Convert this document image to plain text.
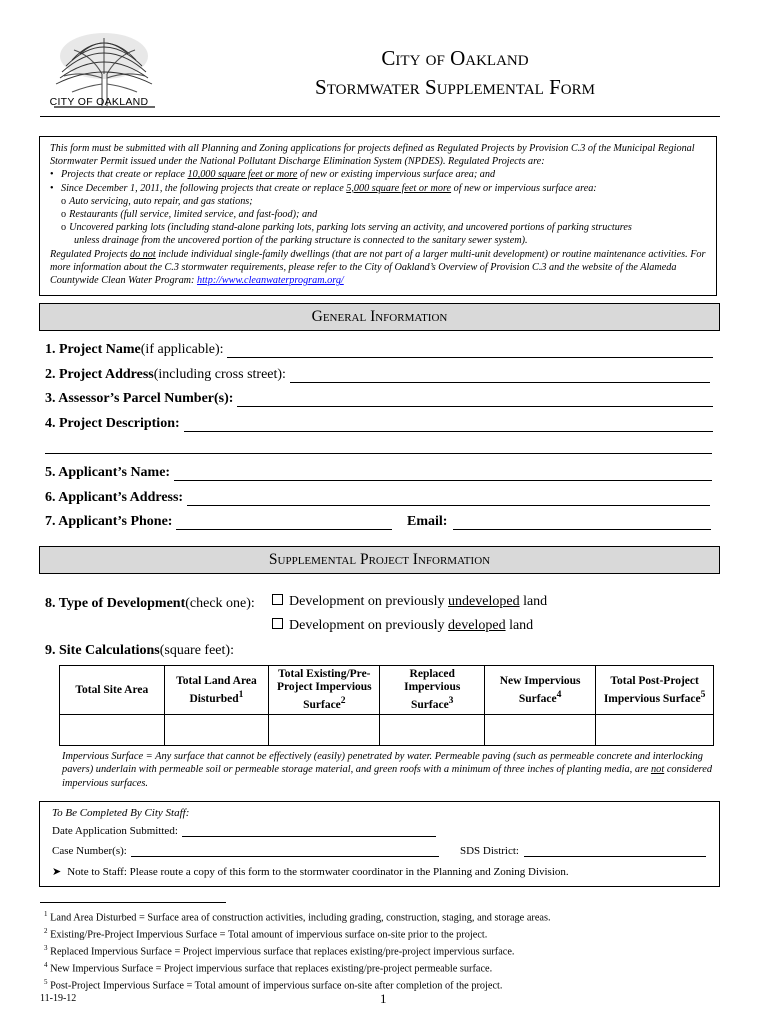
CITY OF OAKLAND
City of Oakland
Stormwater Supplemental Form

This form must be submitted with all Planning and Zoning applications for projects defined as Regulated Projects by Provision C.3 of the Municipal Regional Stormwater Permit issued under the National Pollutant Discharge Elimination System (NPDES). Regulated Projects are:

• Projects that create or replace 10,000 square feet or more of new or existing impervious surface area; and

• Since December 1, 2011, the following projects that create or replace 5,000 square feet or more of new or impervious surface area:

o Auto servicing, auto repair, and gas stations;

o Restaurants (full service, limited service, and fast-food); and

o Uncovered parking lots (including stand-alone parking lots, parking lots serving an activity, and uncovered portions of parking structures

unless drainage from the uncovered portion of the parking structure is connected to the sanitary sewer system).

Regulated Projects do not include individual single-family dwellings (that are not part of a larger multi-unit development) or routine maintenance activities. For more information about the C.3 stormwater requirements, please refer to the City of Oakland’s Overview of Provision C.3 and the website of the Alameda Countywide Clean Water Program: http://www.cleanwaterprogram.org/

General Information
1. Project Name (if applicable):
2. Project Address (including cross street):
3. Assessor’s Parcel Number(s):
4. Project Description:
5. Applicant’s Name:
6. Applicant’s Address:
7. Applicant’s Phone:	Email:
Supplemental Project Information
8. Type of Development (check one):	Development on previously undeveloped land
Development on previously developed land
9. Site Calculations (square feet):
Total Site Area	Total Land Area Disturbed$^1$	Total Existing/Pre-Project Impervious Surface$^2$	Replaced Impervious Surface$^3$	New Impervious Surface$^4$	Total Post-Project Impervious Surface$^5$

Impervious Surface = Any surface that cannot be effectively (easily) penetrated by water. Permeable paving (such as permeable concrete and interlocking pavers) underlain with permeable soil or permeable storage material, and green roofs with a minimum of three inches of planting media, are not considered impervious surfaces.
To Be Completed By City Staff:
Date Application Submitted:
Case Number(s):	SDS District:
➤ Note to Staff: Please route a copy of this form to the stormwater coordinator in the Planning and Zoning Division.
$^1$ Land Area Disturbed = Surface area of construction activities, including grading, construction, staging, and storage areas.
$^2$ Existing/Pre-Project Impervious Surface = Total amount of impervious surface on-site prior to the project.
$^3$ Replaced Impervious Surface = Project impervious surface that replaces existing/pre-project impervious surface.
$^4$ New Impervious Surface = Project impervious surface that replaces existing/pre-project permeable surface.
$^5$ Post-Project Impervious Surface = Total amount of impervious surface on-site after completion of the project.
11-19-12	1
